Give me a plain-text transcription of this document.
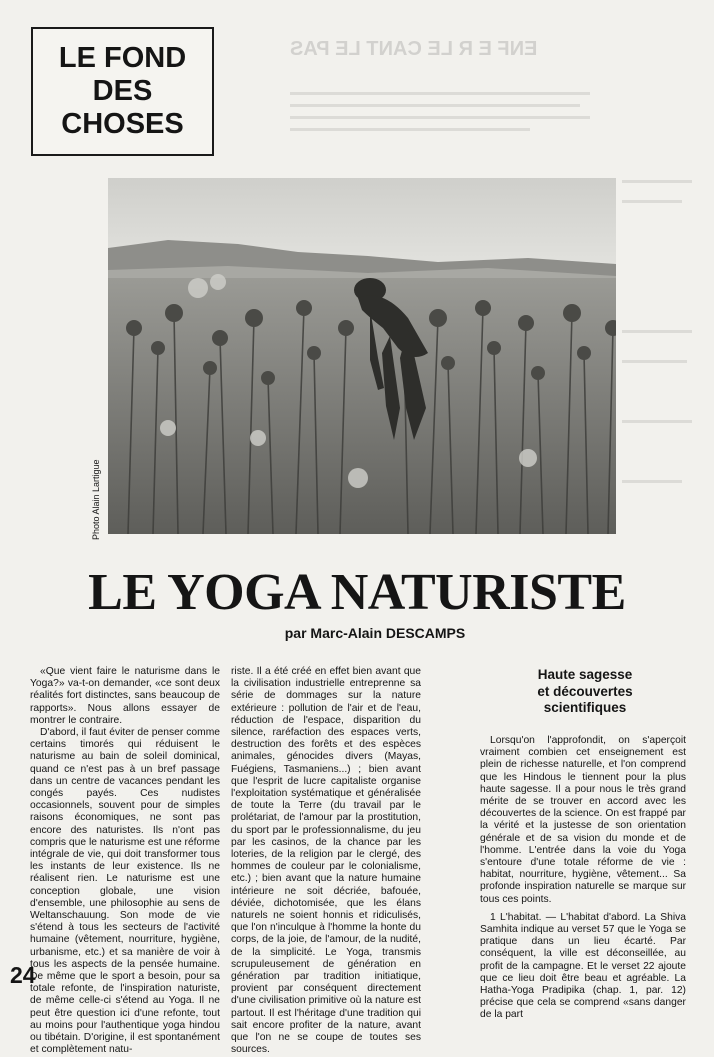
ENF E R LE CANT LE PAS
LE FOND
DES
CHOSES
Photo Alain Lartigue
LE YOGA NATURISTE
par Marc-Alain DESCAMPS

«Que vient faire le naturisme dans le Yoga?» va-t-on demander, «ce sont deux réalités fort distinctes, sans beaucoup de rapports». Nous allons essayer de montrer le contraire.

D'abord, il faut éviter de penser comme certains timorés qui réduisent le naturisme au bain de soleil dominical, quand ce n'est pas à un bref passage dans un centre de vacances pendant les congés payés. Ces nudistes occasionnels, souvent pour de simples raisons économiques, ne sont pas encore des naturistes. Ils n'ont pas compris que le naturisme est une réforme intégrale de vie, qui doit transformer tous les instants de leur existence. Ils ne réalisent rien. Le naturisme est une conception globale, une vision d'ensemble, une philosophie au sens de Weltanschauung. Son mode de vie s'étend à tous les secteurs de l'activité humaine (vêtement, nourriture, hygiène, urbanisme, etc.) et sa manière de voir à tous les aspects de la pensée humaine. De même que le sport a besoin, pour sa totale refonte, de l'inspiration naturiste, de même celle-ci s'étend au Yoga. Il ne peut être question ici d'une refonte, tout au moins pour l'authentique yoga hindou ou tibétain. D'origine, il est spontanément et complètement natu-

riste. Il a été créé en effet bien avant que la civilisation industrielle entreprenne sa série de dommages sur la nature extérieure : pollution de l'air et de l'eau, réduction de l'espace, disparition du silence, raréfaction des espaces verts, destruction des forêts et des espèces animales, génocides divers (Mayas, Fuégiens, Tasmaniens...) ; bien avant que l'esprit de lucre capitaliste organise l'exploitation systématique et généralisée de toute la Terre (du travail par le prolétariat, de l'amour par la prostitution, du sport par le professionnalisme, du jeu par les casinos, de la chance par les loteries, de la religion par le clergé, des hommes de couleur par le colonialisme, etc.) ; bien avant que la nature humaine intérieure ne soit décriée, bafouée, déviée, dichotomisée, que les élans naturels ne soient honnis et ridiculisés, que l'on n'inculque à l'homme la honte du corps, de la joie, de l'amour, de la nudité, de la simplicité. Le Yoga, transmis scrupuleusement de génération en génération par tradition initiatique, provient par conséquent directement d'une civilisation primitive où la nature est partout. Il est l'héritage d'une tradition qui sait encore profiter de la nature, avant que l'on ne se coupe de toutes ses sources.

Haute sagesse
et découvertes
scientifiques

Lorsqu'on l'approfondit, on s'aperçoit vraiment combien cet enseignement est plein de richesse naturelle, et l'on comprend que les Hindous le tiennent pour la plus haute sagesse. Il a pour nous le très grand mérite de se trouver en accord avec les découvertes de la science. On est frappé par la vérité et la justesse de son orientation générale et de sa vision du monde et de l'homme. L'entrée dans la voie du Yoga s'entoure d'une totale réforme de vie : habitat, nourriture, hygiène, vêtement... Sa profonde inspiration naturelle se marque sur tous ces points.

1 L'habitat. — L'habitat d'abord. La Shiva Samhita indique au verset 57 que le Yoga se pratique dans un lieu écarté. Par conséquent, la ville est déconseillée, au profit de la campagne. Et le verset 22 ajoute que ce lieu doit être beau et agréable. La Hatha-Yoga Pradipika (chap. 1, par. 12) précise que cela se comprend «sans danger de la part

24
